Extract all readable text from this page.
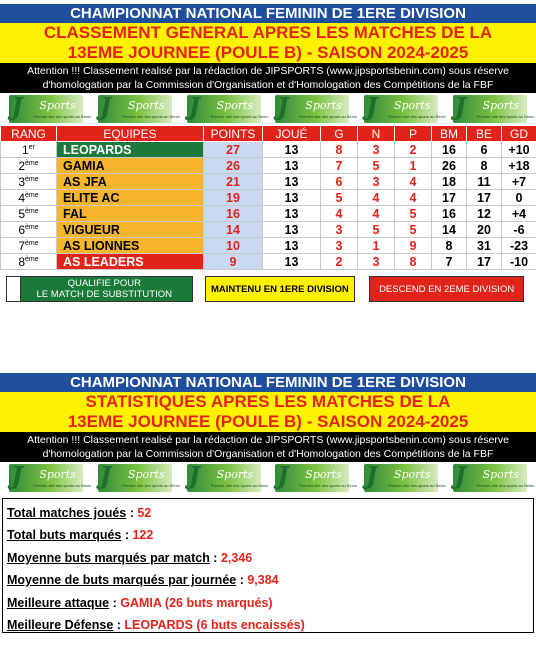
CHAMPIONNAT NATIONAL FEMININ DE 1ERE DIVISION
CLASSEMENT GENERAL APRES LES MATCHES DE LA
13EME JOURNEE (POULE B) - SAISON 2024-2025
Attention !!! Classement realisé par la rédaction de JIPSPORTS (www.jipsportsbenin.com) sous réserve
d'homologation par la Commission d'Organisation et d'Homologation des Compétitions de la FBF
J Sports
Premier site des sports au Bénin J Sports
Premier site des sports au Bénin J Sports
Premier site des sports au Bénin J Sports
Premier site des sports au Bénin J Sports
Premier site des sports au Bénin J Sports
Premier site des sports au Bénin
RANG	EQUIPES	POINTS	JOUÉ	G	N	P	BM	BE	GD
1er	LEOPARDS	27	13	8	3	2	16	6	+10
2ème	GAMIA	26	13	7	5	1	26	8	+18
3ème	AS JFA	21	13	6	3	4	18	11	+7
4ème	ELITE AC	19	13	5	4	4	17	17	0
5ème	FAL	16	13	4	4	5	16	12	+4
6ème	VIGUEUR	14	13	3	5	5	14	20	-6
7ème	AS LIONNES	10	13	3	1	9	8	31	-23
8ème	AS LEADERS	9	13	2	3	8	7	17	-10
QUALIFIE POUR
LE MATCH DE SUBSTITUTION	MAINTENU EN 1ERE DIVISION	DESCEND EN 2EME DIVISION
CHAMPIONNAT NATIONAL FEMININ DE 1ERE DIVISION
STATISTIQUES APRES LES MATCHES DE LA
13EME JOURNEE (POULE B) - SAISON 2024-2025
Attention !!! Classement realisé par la rédaction de JIPSPORTS (www.jipsportsbenin.com) sous réserve
d'homologation par la Commission d'Organisation et d'Homologation des Compétitions de la FBF
J Sports
Premier site des sports au Bénin J Sports
Premier site des sports au Bénin J Sports
Premier site des sports au Bénin J Sports
Premier site des sports au Bénin J Sports
Premier site des sports au Bénin J Sports
Premier site des sports au Bénin
Total matches joués : 52
Total buts marqués : 122
Moyenne buts marqués par match : 2,346
Moyenne de buts marqués par journée : 9,384
Meilleure attaque : GAMIA (26 buts marqués)
Meilleure Défense : LEOPARDS (6 buts encaissés)
